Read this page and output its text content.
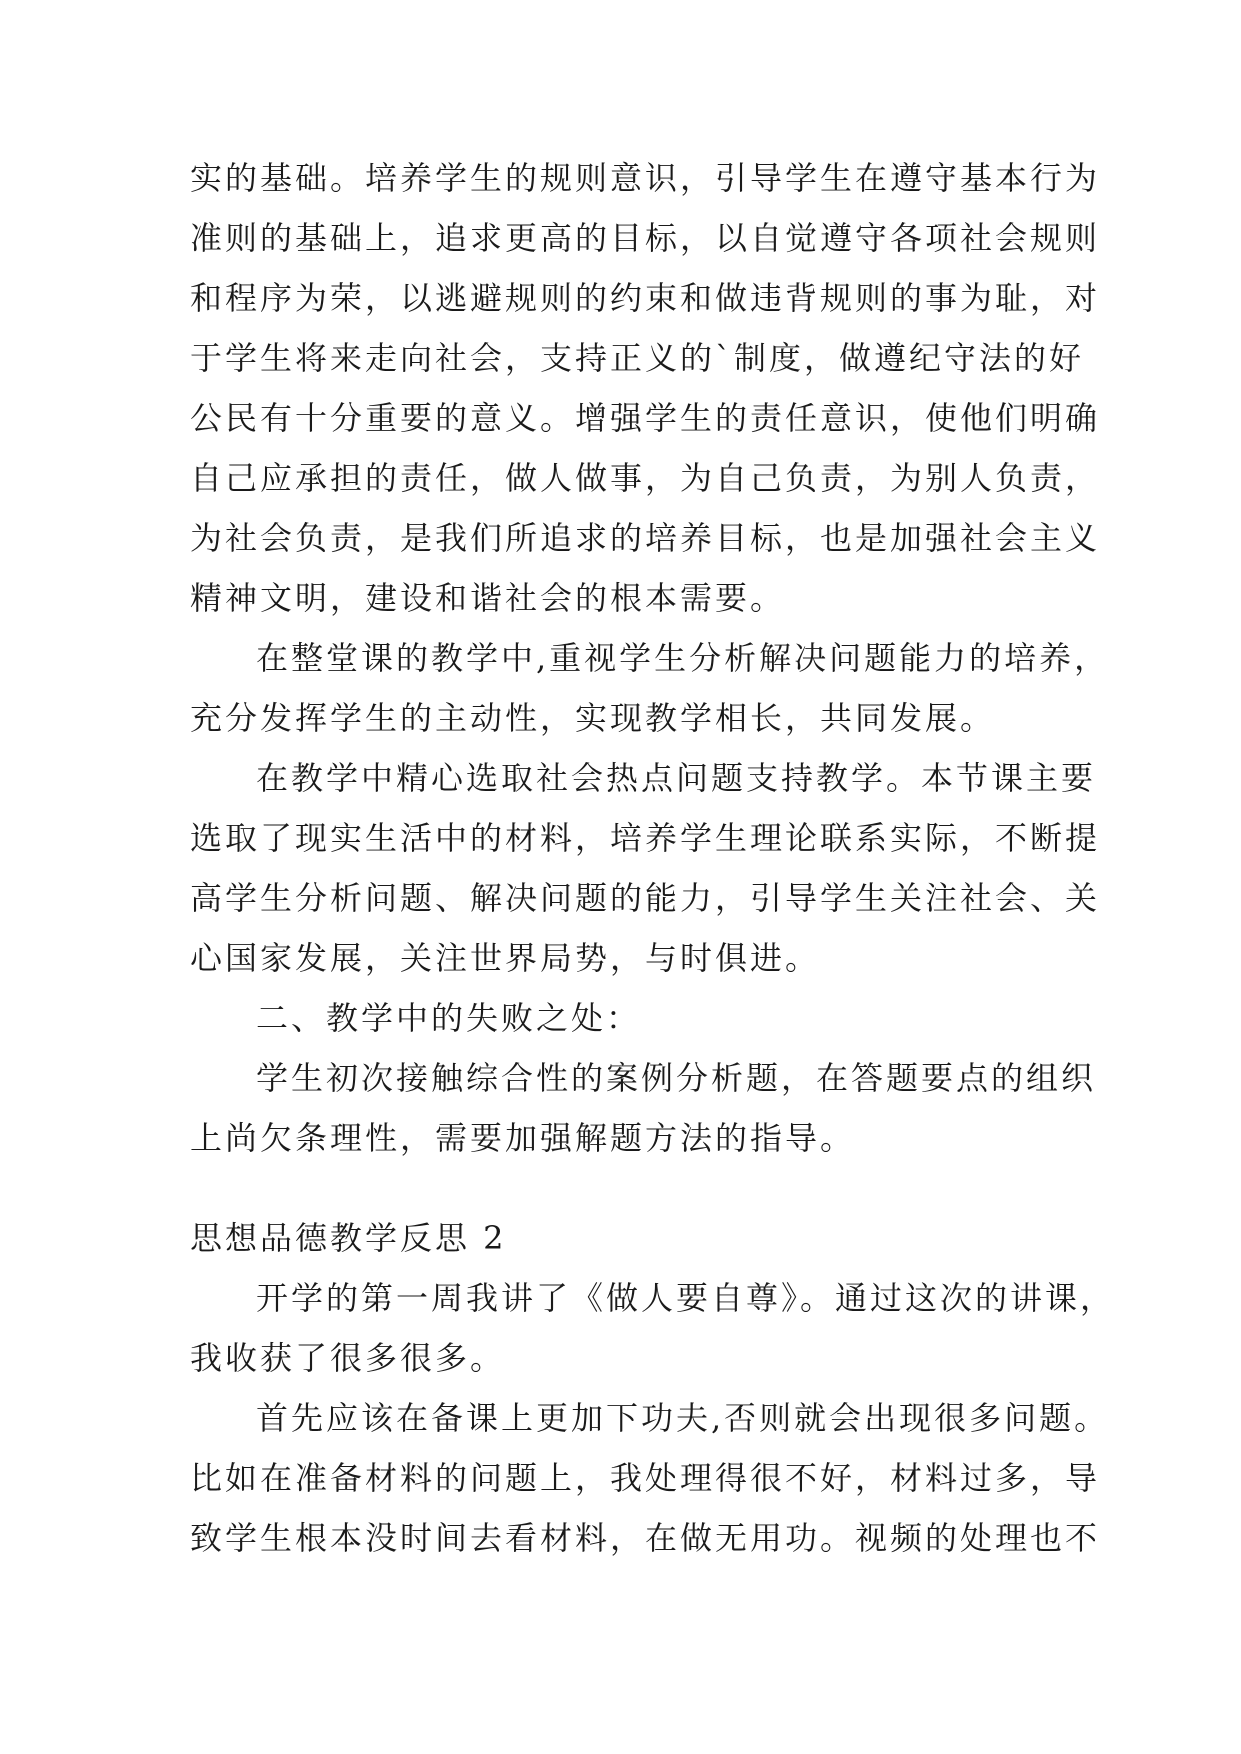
实的基础。培养学生的规则意识，引导学生在遵守基本行为
准则的基础上，追求更高的目标，以自觉遵守各项社会规则
和程序为荣，以逃避规则的约束和做违背规则的事为耻，对
于学生将来走向社会，支持正义的`制度，做遵纪守法的好
公民有十分重要的意义。增强学生的责任意识，使他们明确
自己应承担的责任，做人做事，为自己负责，为别人负责，
为社会负责，是我们所追求的培养目标，也是加强社会主义
精神文明，建设和谐社会的根本需要。
在整堂课的教学中,重视学生分析解决问题能力的培养，
充分发挥学生的主动性，实现教学相长，共同发展。
在教学中精心选取社会热点问题支持教学。本节课主要
选取了现实生活中的材料，培养学生理论联系实际，不断提
高学生分析问题、解决问题的能力，引导学生关注社会、关
心国家发展，关注世界局势，与时俱进。
二、教学中的失败之处：
学生初次接触综合性的案例分析题，在答题要点的组织
上尚欠条理性，需要加强解题方法的指导。
思想品德教学反思 2
开学的第一周我讲了《做人要自尊》。通过这次的讲课，
我收获了很多很多。
首先应该在备课上更加下功夫,否则就会出现很多问题。
比如在准备材料的问题上，我处理得很不好，材料过多，导
致学生根本没时间去看材料，在做无用功。视频的处理也不
